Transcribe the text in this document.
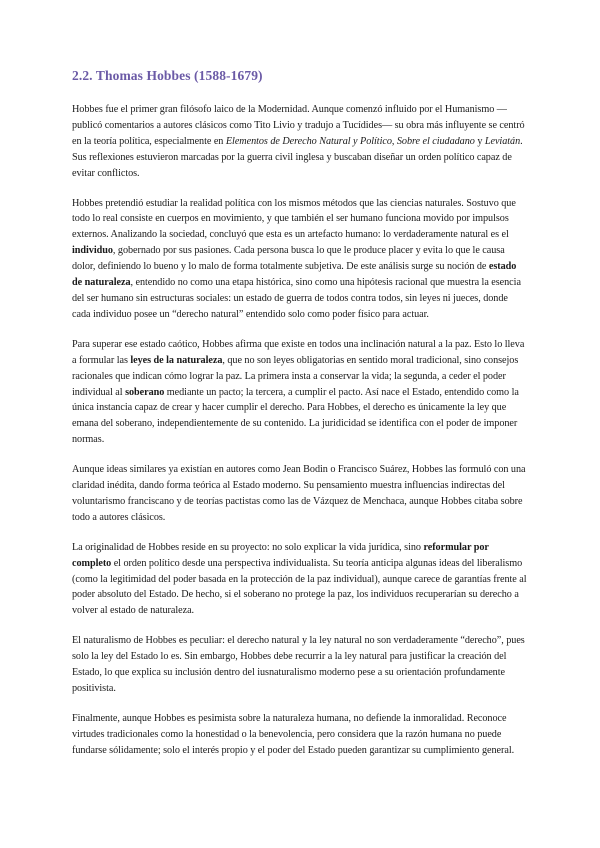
2.2. Thomas Hobbes (1588-1679)

Hobbes fue el primer gran filósofo laico de la Modernidad. Aunque comenzó influido por el Humanismo —publicó comentarios a autores clásicos como Tito Livio y tradujo a Tucídides— su obra más influyente se centró en la teoría política, especialmente en Elementos de Derecho Natural y Político, Sobre el ciudadano y Leviatán. Sus reflexiones estuvieron marcadas por la guerra civil inglesa y buscaban diseñar un orden político capaz de evitar conflictos.

Hobbes pretendió estudiar la realidad política con los mismos métodos que las ciencias naturales. Sostuvo que todo lo real consiste en cuerpos en movimiento, y que también el ser humano funciona movido por impulsos externos. Analizando la sociedad, concluyó que esta es un artefacto humano: lo verdaderamente natural es el individuo, gobernado por sus pasiones. Cada persona busca lo que le produce placer y evita lo que le causa dolor, definiendo lo bueno y lo malo de forma totalmente subjetiva. De este análisis surge su noción de estado de naturaleza, entendido no como una etapa histórica, sino como una hipótesis racional que muestra la esencia del ser humano sin estructuras sociales: un estado de guerra de todos contra todos, sin leyes ni jueces, donde cada individuo posee un “derecho natural” entendido solo como poder físico para actuar.

Para superar ese estado caótico, Hobbes afirma que existe en todos una inclinación natural a la paz. Esto lo lleva a formular las leyes de la naturaleza, que no son leyes obligatorias en sentido moral tradicional, sino consejos racionales que indican cómo lograr la paz. La primera insta a conservar la vida; la segunda, a ceder el poder individual al soberano mediante un pacto; la tercera, a cumplir el pacto. Así nace el Estado, entendido como la única instancia capaz de crear y hacer cumplir el derecho. Para Hobbes, el derecho es únicamente la ley que emana del soberano, independientemente de su contenido. La juridicidad se identifica con el poder de imponer normas.

Aunque ideas similares ya existían en autores como Jean Bodin o Francisco Suárez, Hobbes las formuló con una claridad inédita, dando forma teórica al Estado moderno. Su pensamiento muestra influencias indirectas del voluntarismo franciscano y de teorías pactistas como las de Vázquez de Menchaca, aunque Hobbes citaba sobre todo a autores clásicos.

La originalidad de Hobbes reside en su proyecto: no solo explicar la vida jurídica, sino reformular por completo el orden político desde una perspectiva individualista. Su teoría anticipa algunas ideas del liberalismo (como la legitimidad del poder basada en la protección de la paz individual), aunque carece de garantías frente al poder absoluto del Estado. De hecho, si el soberano no protege la paz, los individuos recuperarían su derecho a volver al estado de naturaleza.

El naturalismo de Hobbes es peculiar: el derecho natural y la ley natural no son verdaderamente “derecho”, pues solo la ley del Estado lo es. Sin embargo, Hobbes debe recurrir a la ley natural para justificar la creación del Estado, lo que explica su inclusión dentro del iusnaturalismo moderno pese a su orientación profundamente positivista.

Finalmente, aunque Hobbes es pesimista sobre la naturaleza humana, no defiende la inmoralidad. Reconoce virtudes tradicionales como la honestidad o la benevolencia, pero considera que la razón humana no puede fundarse sólidamente; solo el interés propio y el poder del Estado pueden garantizar su cumplimiento general.
